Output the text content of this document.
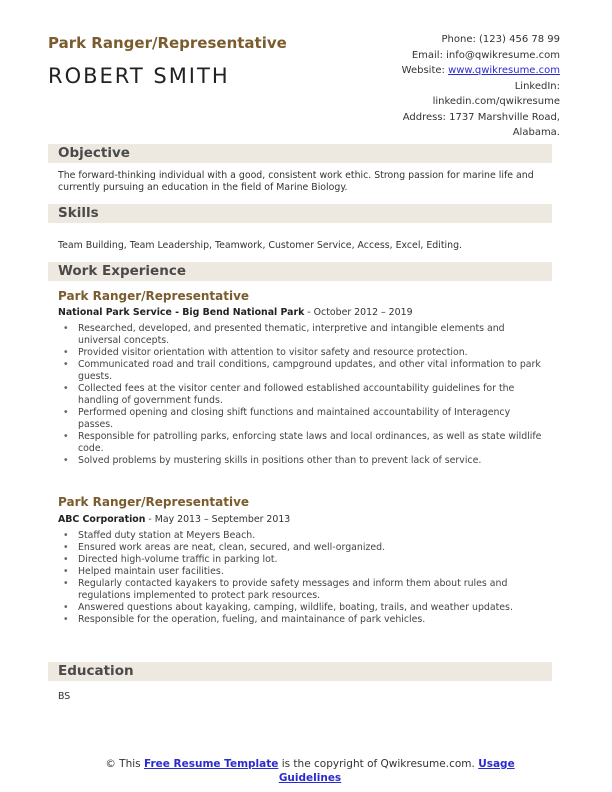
Park Ranger/Representative
ROBERT SMITH
Phone: (123) 456 78 99
Email: info@qwikresume.com
Website: www.qwikresume.com
LinkedIn:
linkedin.com/qwikresume
Address: 1737 Marshville Road,
Alabama.
Objective
The forward-thinking individual with a good, consistent work ethic. Strong passion for marine life and currently pursuing an education in the field of Marine Biology.
Skills
Team Building, Team Leadership, Teamwork, Customer Service, Access, Excel, Editing.
Work Experience
Park Ranger/Representative
National Park Service - Big Bend National Park - October 2012 – 2019
• Researched, developed, and presented thematic, interpretive and intangible elements and universal concepts.
• Provided visitor orientation with attention to visitor safety and resource protection.
• Communicated road and trail conditions, campground updates, and other vital information to park guests.
• Collected fees at the visitor center and followed established accountability guidelines for the handling of government funds.
• Performed opening and closing shift functions and maintained accountability of Interagency passes.
• Responsible for patrolling parks, enforcing state laws and local ordinances, as well as state wildlife code.
• Solved problems by mustering skills in positions other than to prevent lack of service.
Park Ranger/Representative
ABC Corporation - May 2013 – September 2013
• Staffed duty station at Meyers Beach.
• Ensured work areas are neat, clean, secured, and well-organized.
• Directed high-volume traffic in parking lot.
• Helped maintain user facilities.
• Regularly contacted kayakers to provide safety messages and inform them about rules and regulations implemented to protect park resources.
• Answered questions about kayaking, camping, wildlife, boating, trails, and weather updates.
• Responsible for the operation, fueling, and maintainance of park vehicles.
Education
BS
© This Free Resume Template is the copyright of Qwikresume.com. Usage Guidelines
